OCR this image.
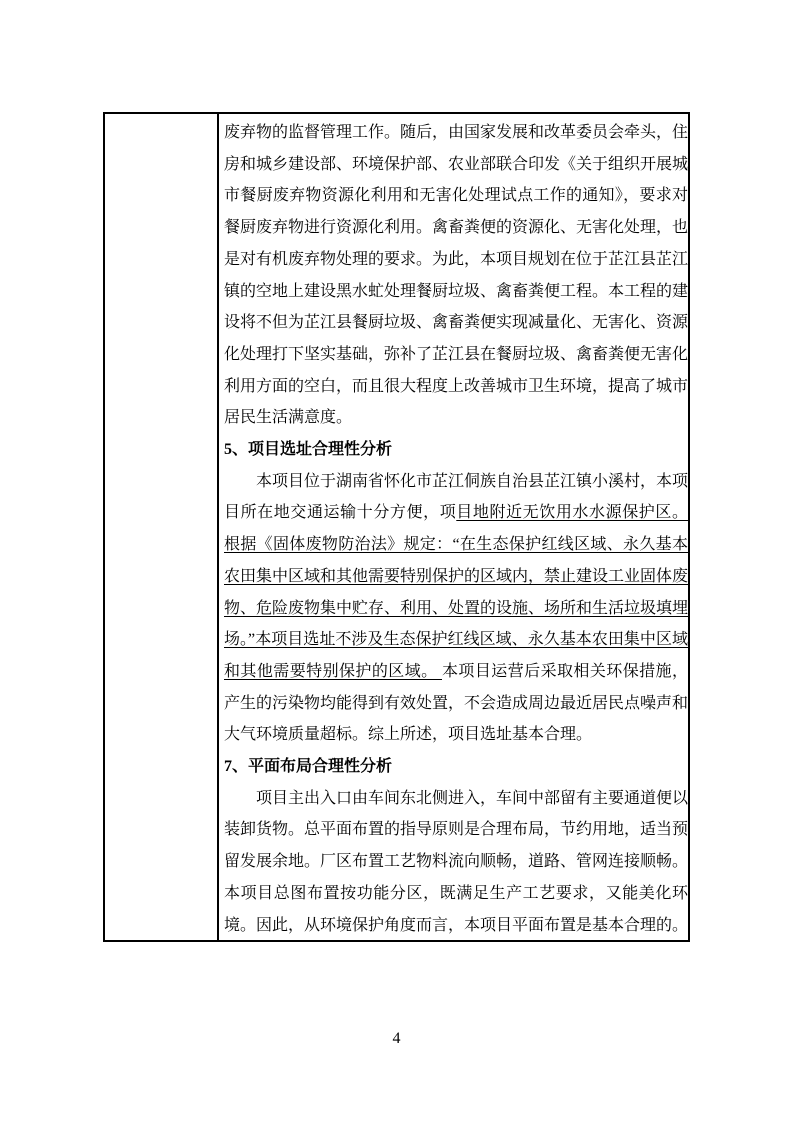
废弃物的监督管理工作。随后，由国家发展和改革委员会牵头，住房和城乡建设部、环境保护部、农业部联合印发《关于组织开展城市餐厨废弃物资源化利用和无害化处理试点工作的通知》，要求对餐厨废弃物进行资源化利用。禽畜粪便的资源化、无害化处理，也是对有机废弃物处理的要求。为此，本项目规划在位于芷江县芷江镇的空地上建设黑水虻处理餐厨垃圾、禽畜粪便工程。本工程的建设将不但为芷江县餐厨垃圾、禽畜粪便实现减量化、无害化、资源化处理打下坚实基础，弥补了芷江县在餐厨垃圾、禽畜粪便无害化利用方面的空白，而且很大程度上改善城市卫生环境，提高了城市居民生活满意度。

5、项目选址合理性分析

本项目位于湖南省怀化市芷江侗族自治县芷江镇小溪村，本项目所在地交通运输十分方便，项目地附近无饮用水水源保护区。根据《固体废物防治法》规定：“在生态保护红线区域、永久基本农田集中区域和其他需要特别保护的区域内，禁止建设工业固体废物、危险废物集中贮存、利用、处置的设施、场所和生活垃圾填埋场。”本项目选址不涉及生态保护红线区域、永久基本农田集中区域和其他需要特别保护的区域。 本项目运营后采取相关环保措施，产生的污染物均能得到有效处置，不会造成周边最近居民点噪声和大气环境质量超标。综上所述，项目选址基本合理。

7、平面布局合理性分析

项目主出入口由车间东北侧进入，车间中部留有主要通道便以装卸货物。总平面布置的指导原则是合理布局，节约用地，适当预留发展余地。厂区布置工艺物料流向顺畅，道路、管网连接顺畅。本项目总图布置按功能分区，既满足生产工艺要求，又能美化环境。因此，从环境保护角度而言，本项目平面布置是基本合理的。

4
